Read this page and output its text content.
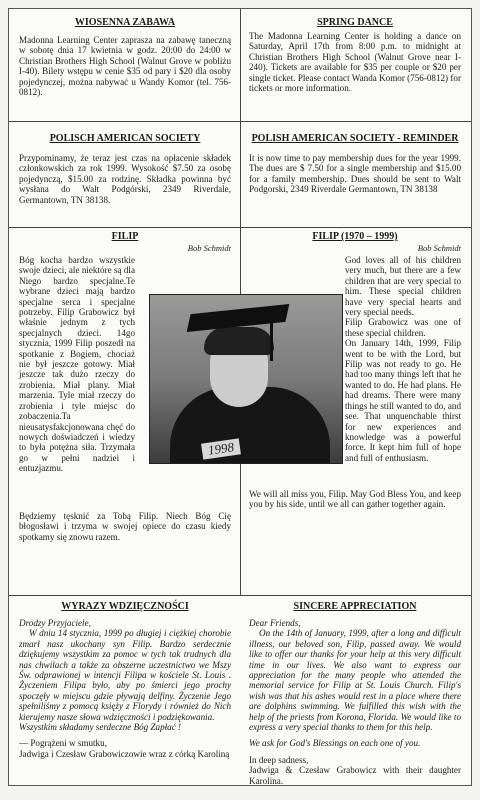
WIOSENNA ZABAWA

Madonna Learning Center zaprasza na zabawę taneczną w sobotę dnia 17 kwietnia w godz. 20:00 do 24:00 w Christian Brothers High School (Walnut Grove w pobliżu I-40). Bilety wstępu w cenie $35 od pary i $20 dla osoby pojedynczej, można nabywać u Wandy Komor (tel. 756-0812).

POLISCH AMERICAN SOCIETY

Przypominamy, że teraz jest czas na opłacenie składek członkowskich za rok 1999. Wysokość $7.50 za osobę pojedynczą, $15.00 za rodzinę. Składka powinna być wysłana do Walt Podgórski, 2349 Riverdale, Germantown, TN 38138.

FILIP

Bob Schmidt

Bóg kocha bardzo wszystkie swoje dzieci, ale niektóre są dla Niego bardzo specjalne.Te wybrane dzieci mają bardzo specjalne serca i specjalne potrzeby. Filip Grabowicz był właśnie jednym z tych specjalnych dzieci. 14go stycznia, 1999 Filip poszedł na spotkanie z Bogiem, chociaż nie był jeszcze gotowy. Miał jeszcze tak dużo rzeczy do zrobienia. Miał plany. Miał marzenia. Tyle miał rzeczy do zrobienia i tyle miejsc do zobaczenia.Ta nieusatysfakcjonowana chęć do nowych doświadczeń i wiedzy to była potężna siła. Trzymała go w pełni nadziei i entuzjazmu.

Będziemy tęsknić za Tobą Filip. Niech Bóg Cię błogosławi i trzyma w swojej opiece do czasu kiedy spotkamy się znowu razem.

WYRAZY WDZIĘCZNOŚCI

Drodzy Przyjaciele,

W dniu 14 stycznia, 1999 po długiej i ciężkiej chorobie zmarł nasz ukochany syn Filip. Bardzo serdecznie dziękujemy wszystkim za pomoc w tych tak trudnych dla nas chwilach a także za obszerne uczestnictwo we Mszy Św. odprawionej w intencji Filipa w kościele St. Louis . Życzeniem Filipa było, aby po śmierci jego prochy spoczęły w miejscu gdzie pływają delfiny. Życzenie Jego spełniliśmy z pomocą księży z Florydy i również do Nich kierujemy nasze słowa wdzięczności i podziękowania.

Wszystkim składamy serdeczne Bóg Zapłać !

— Pogrążeni w smutku,

Jadwiga i Czesław Grabowiczowie wraz z córką Karoliną

SPRING DANCE

The Madonna Learning Center is holding a dance on Saturday, April 17th from 8:00 p.m. to midnight at Christian Brothers High School (Walnut Grove near I-240). Tickets are available for $35 per couple or $20 per single ticket. Please contact Wanda Komor (756-0812) for tickets or more information.

POLISH AMERICAN SOCIETY - REMINDER

It is now time to pay membership dues for the year 1999. The dues are $ 7.50 for a single membership and $15.00 for a family membership. Dues should be sent to Walt Podgorski, 2349 Riverdale Germantown, TN 38138

FILIP (1970 – 1999)

Bob Schmidt

God loves all of his children very much, but there are a few children that are very special to him. These special children have very special hearts and very special needs.

Filip Grabowicz was one of these special children.

On January 14th, 1999, Filip went to be with the Lord, but Filip was not ready to go. He had too many things left that he wanted to do. He had plans. He had dreams. There were many things he still wanted to do, and see. That unquenchable thirst for new experiences and knowledge was a powerful force. It kept him full of hope and full of enthusiasm.

We will all miss you, Filip. May God Bless You, and keep you by his side, until we all can gather together again.

SINCERE APPRECIATION

Dear Friends,

On the 14th of January, 1999, after a long and difficult illness, our beloved son, Filip, passed away. We would like to offer our thanks for your help at this very difficult time in our lives. We also want to express our appreciation for the many people who attended the memorial service for Filip at St. Louis Church. Filip's wish was that his ashes would rest in a place where there are dolphins swimming. We fulfilled this wish with the help of the priests from Korona, Florida. We would like to express a very special thanks to them for this help.

We ask for God's Blessings on each one of you.

In deep sadness,

Jadwiga & Czesław Grabowicz with their daughter Karolina.

1998
